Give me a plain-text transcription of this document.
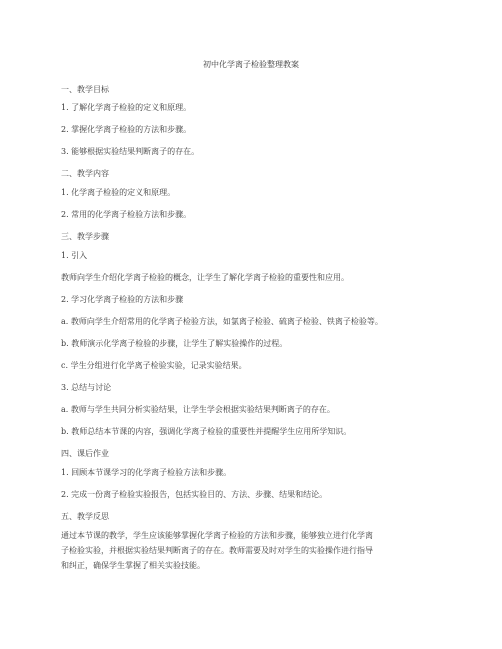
初中化学离子检验整理教案
一、教学目标
1. 了解化学离子检验的定义和原理。
2. 掌握化学离子检验的方法和步骤。
3. 能够根据实验结果判断离子的存在。
二、教学内容
1. 化学离子检验的定义和原理。
2. 常用的化学离子检验方法和步骤。
三、教学步骤
1. 引入
教师向学生介绍化学离子检验的概念，让学生了解化学离子检验的重要性和应用。
2. 学习化学离子检验的方法和步骤
a. 教师向学生介绍常用的化学离子检验方法，如氯离子检验、硫离子检验、铁离子检验等。
b. 教师演示化学离子检验的步骤，让学生了解实验操作的过程。
c. 学生分组进行化学离子检验实验，记录实验结果。
3. 总结与讨论
a. 教师与学生共同分析实验结果，让学生学会根据实验结果判断离子的存在。
b. 教师总结本节课的内容，强调化学离子检验的重要性并提醒学生应用所学知识。
四、课后作业
1. 回顾本节课学习的化学离子检验方法和步骤。
2. 完成一份离子检验实验报告，包括实验目的、方法、步骤、结果和结论。
五、教学反思
通过本节课的教学，学生应该能够掌握化学离子检验的方法和步骤，能够独立进行化学离
子检验实验，并根据实验结果判断离子的存在。教师需要及时对学生的实验操作进行指导
和纠正，确保学生掌握了相关实验技能。
